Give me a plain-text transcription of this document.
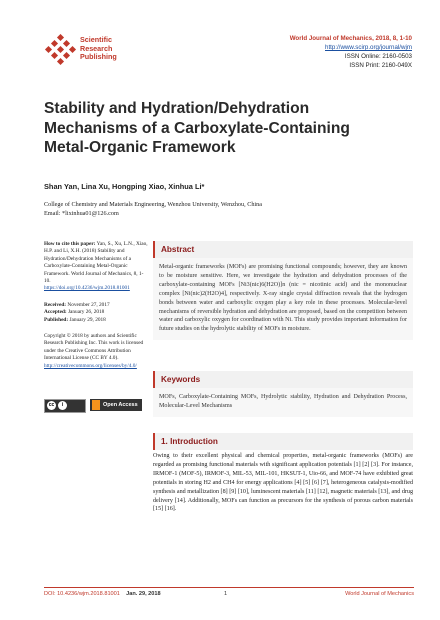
Scientific
Research
Publishing
World Journal of Mechanics, 2018, 8, 1-10
http://www.scirp.org/journal/wjm
ISSN Online: 2160-0503
ISSN Print: 2160-049X
Stability and Hydration/Dehydration
Mechanisms of a Carboxylate-Containing
Metal-Organic Framework
Shan Yan, Lina Xu, Hongping Xiao, Xinhua Li*
College of Chemistry and Materials Engineering, Wenzhou University, Wenzhou, China
Email: *lixinhua01@126.com
How to cite this paper: Yan, S., Xu, L.N., Xiao, H.P. and Li, X.H. (2018) Stability and Hydration/Dehydration Mechanisms of a Carboxylate-Containing Metal-Organic Framework. World Journal of Mechanics, 8, 1-10.
https://doi.org/10.4236/wjm.2018.81001
Received: November 27, 2017
Accepted: January 26, 2018
Published: January 29, 2018
Copyright © 2018 by authors and Scientific Research Publishing Inc. This work is licensed under the Creative Commons Attribution International License (CC BY 4.0).
http://creativecommons.org/licenses/by/4.0/
cc	i	Open Access
Abstract
Metal-organic frameworks (MOFs) are promising functional compounds; however, they are known to be moisture sensitive. Here, we investigate the hydration and dehydration processes of the carboxylate-containing MOFs [Ni3(nic)6(H2O)]n (nic = nicotinic acid) and the mononuclear complex [Ni(nic)2(H2O)4], respectively. X-ray single crystal diffraction reveals that the hydrogen bonds between water and carboxylic oxygen play a key role in these processes. Molecular-level mechanisms of reversible hydration and dehydration are proposed, based on the competition between water and carboxylic oxygen for coordination with Ni. This study provides important information for future studies on the hydrolytic stability of MOFs in moisture.
Keywords
MOFs, Carboxylate-Containing MOFs, Hydrolytic stability, Hydration and Dehydration Process, Molecular-Level Mechanisms
1. Introduction
Owing to their excellent physical and chemical properties, metal-organic frameworks (MOFs) are regarded as promising functional materials with significant application potentials [1] [2] [3]. For instance, IRMOF-1 (MOF-5), IRMOF-3, MIL-53, MIL-101, HKSUT-1, Uio-66, and MOF-74 have exhibited great potentials in storing H2 and CH4 for energy applications [4] [5] [6] [7], heterogeneous catalysis-modified synthesis and metallization [8] [9] [10], luminescent materials [11] [12], magnetic materials [13], and drug delivery [14]. Additionally, MOFs can function as precursors for the synthesis of porous carbon materials [15] [16].
DOI: 10.4236/wjm.2018.81001 Jan. 29, 2018	1	World Journal of Mechanics
